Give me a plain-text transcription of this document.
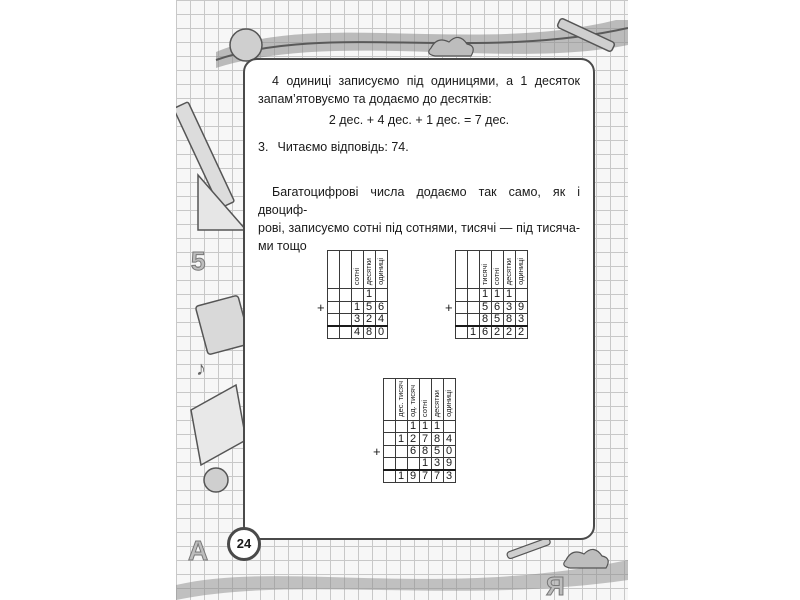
♪
А
5
Я
4 одиниці записуємо під одиницями, а 1 десяток
запам’ятовуємо та додаємо до десятків:
2 дес. + 4 дес. + 1 дес. = 7 дес.
3. Читаємо відповідь: 74.
Багатоцифрові числа додаємо так само, як і двоциф-
рові, записуємо сотні під сотнями, тисячі — під тисяча-
ми тощо
			сотні	десятки	одиниці
				1	
+			1	5	6
			3	2	4
			4	8	0
			тисячі	сотні	десятки	одиниці
			1	1	1	
+			5	6	3	9
			8	5	8	3
		1	6	2	2	2
		дес. тисяч	од. тисяч	сотні	десятки	одиниці
			1	1	1	
		1	2	7	8	4
+			6	8	5	0
				1	3	9
		1	9	7	7	3
24
